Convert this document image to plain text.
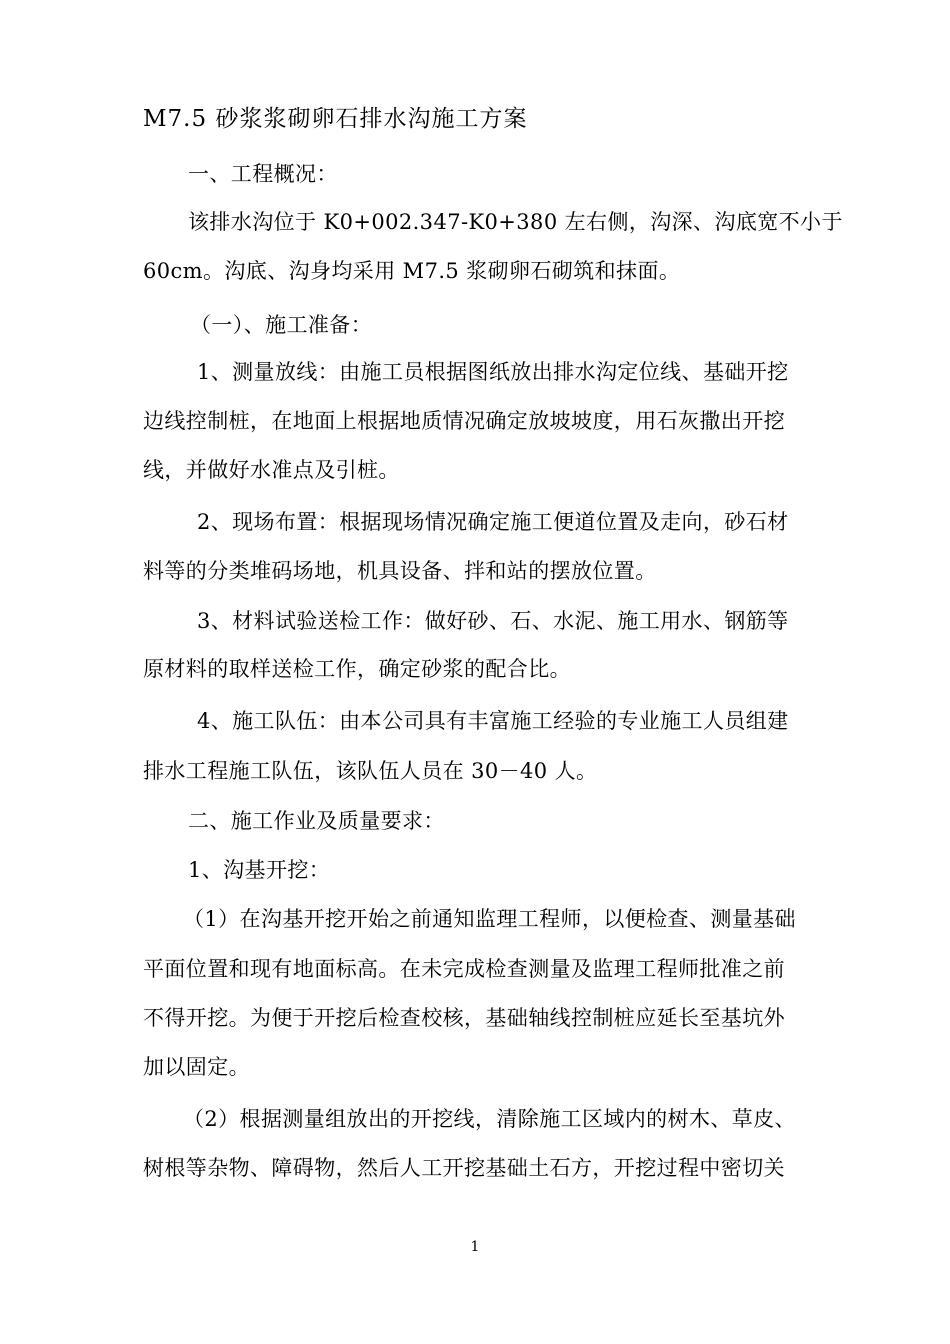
M7.5 砂浆浆砌卵石排水沟施工方案
一、工程概况：
该排水沟位于 K0+002.347-K0+380 左右侧，沟深、沟底宽不小于
60cm。沟底、沟身均采用 M7.5 浆砌卵石砌筑和抹面。
（一）、施工准备：
1、测量放线：由施工员根据图纸放出排水沟定位线、基础开挖
边线控制桩，在地面上根据地质情况确定放坡坡度，用石灰撒出开挖
线，并做好水准点及引桩。
2、现场布置：根据现场情况确定施工便道位置及走向，砂石材
料等的分类堆码场地，机具设备、拌和站的摆放位置。
3、材料试验送检工作：做好砂、石、水泥、施工用水、钢筋等
原材料的取样送检工作，确定砂浆的配合比。
4、施工队伍：由本公司具有丰富施工经验的专业施工人员组建
排水工程施工队伍，该队伍人员在 30－40 人。
二、施工作业及质量要求：
1、沟基开挖：
（1）在沟基开挖开始之前通知监理工程师，以便检查、测量基础
平面位置和现有地面标高。在未完成检查测量及监理工程师批准之前
不得开挖。为便于开挖后检查校核，基础轴线控制桩应延长至基坑外
加以固定。
（2）根据测量组放出的开挖线，清除施工区域内的树木、草皮、
树根等杂物、障碍物，然后人工开挖基础土石方，开挖过程中密切关
1
